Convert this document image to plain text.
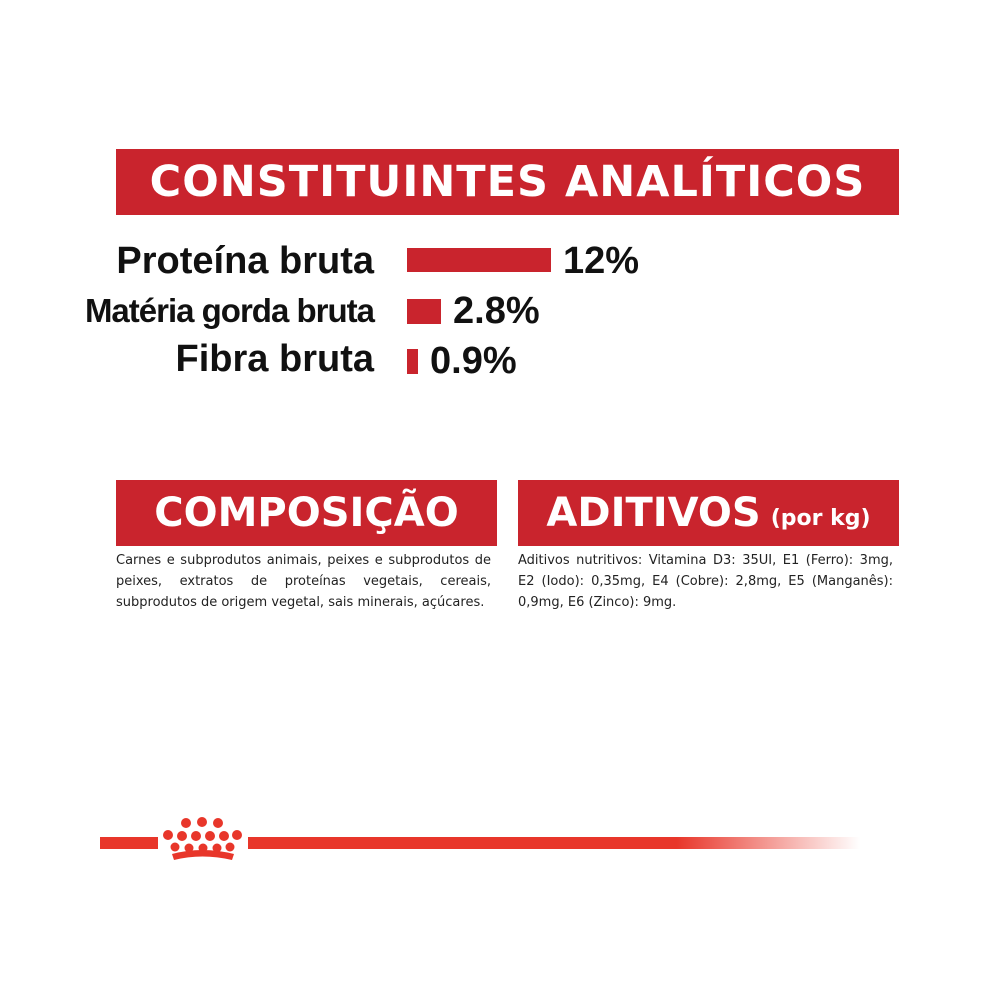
CONSTITUINTES ANALÍTICOS
Proteína bruta	12%
Matéria gorda bruta 2.8%
Fibra bruta 0.9%
COMPOSIÇÃO
Carnes e subprodutos animais, peixes e subprodutos de peixes, extratos de proteínas vegetais, cereais, subprodutos de origem vegetal, sais minerais, açúcares.
ADITIVOS (por kg)
Aditivos nutritivos: Vitamina D3: 35UI, E1 (Ferro): 3mg, E2 (Iodo): 0,35mg, E4 (Cobre): 2,8mg, E5 (Manganês): 0,9mg, E6 (Zinco): 9mg.
